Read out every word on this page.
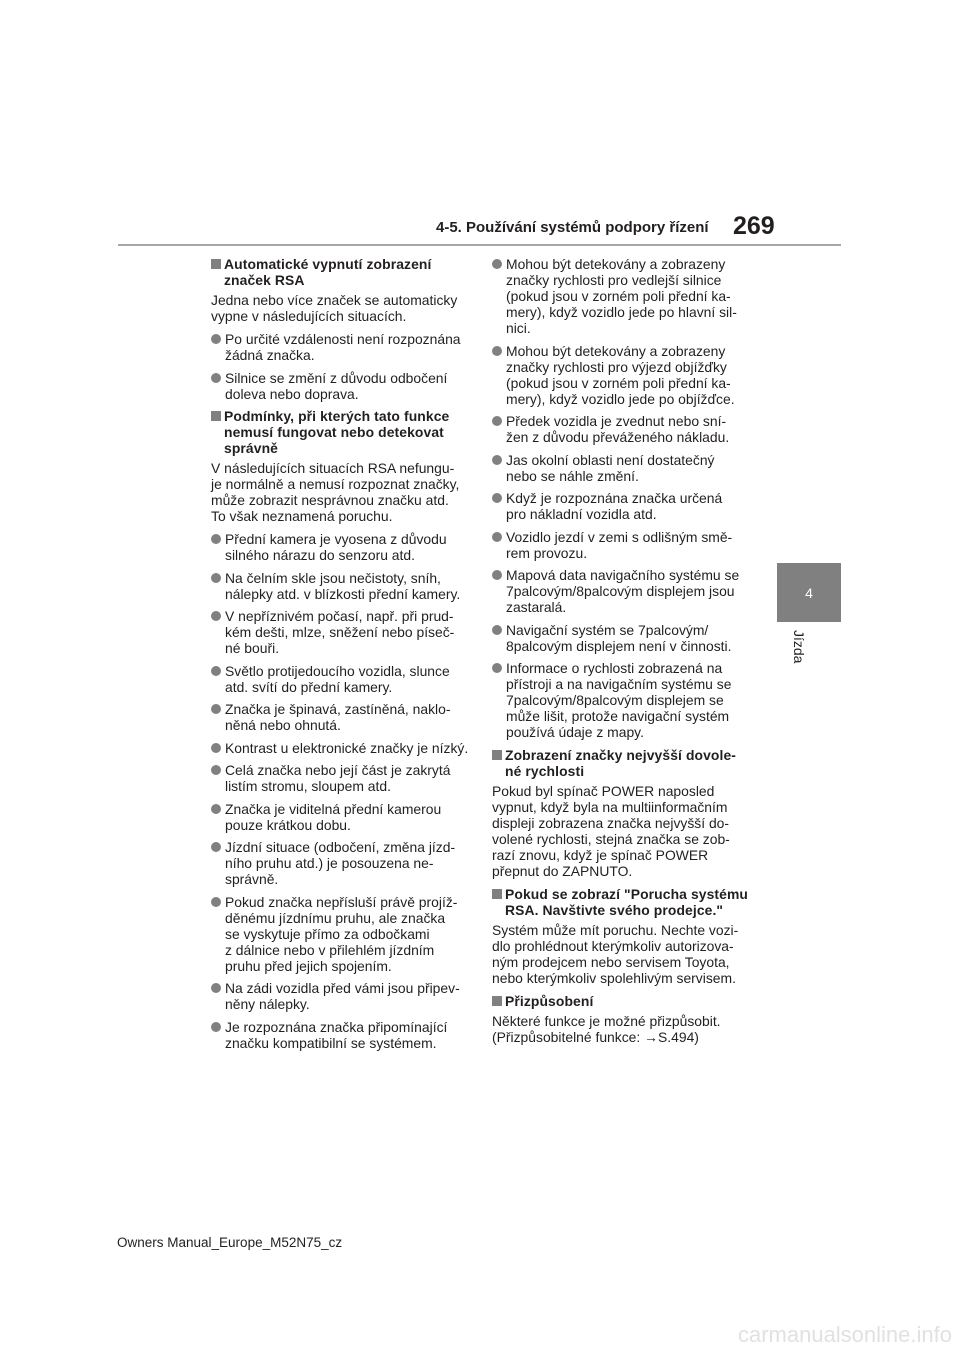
4-5. Používání systémů podpory řízení 269
4
Jízda
Automatické vypnutí zobrazení
značek RSA
Jedna nebo více značek se automaticky
vypne v následujících situacích.
Po určité vzdálenosti není rozpoznána
žádná značka.
Silnice se změní z důvodu odbočení
doleva nebo doprava.
Podmínky, při kterých tato funkce
nemusí fungovat nebo detekovat
správně
V následujících situacích RSA nefungu-
je normálně a nemusí rozpoznat značky,
může zobrazit nesprávnou značku atd.
To však neznamená poruchu.
Přední kamera je vyosena z důvodu
silného nárazu do senzoru atd.
Na čelním skle jsou nečistoty, sníh,
nálepky atd. v blízkosti přední kamery.
V nepříznivém počasí, např. při prud-
kém dešti, mlze, sněžení nebo píseč-
né bouři.
Světlo protijedoucího vozidla, slunce
atd. svítí do přední kamery.
Značka je špinavá, zastíněná, naklo-
něná nebo ohnutá.
Kontrast u elektronické značky je nízký.
Celá značka nebo její část je zakrytá
listím stromu, sloupem atd.
Značka je viditelná přední kamerou
pouze krátkou dobu.
Jízdní situace (odbočení, změna jízd-
ního pruhu atd.) je posouzena ne-
správně.
Pokud značka nepřísluší právě projíž-
děnému jízdnímu pruhu, ale značka
se vyskytuje přímo za odbočkami
z dálnice nebo v přilehlém jízdním
pruhu před jejich spojením.
Na zádi vozidla před vámi jsou připev-
něny nálepky.
Je rozpoznána značka připomínající
značku kompatibilní se systémem.
Mohou být detekovány a zobrazeny
značky rychlosti pro vedlejší silnice
(pokud jsou v zorném poli přední ka-
mery), když vozidlo jede po hlavní sil-
nici.
Mohou být detekovány a zobrazeny
značky rychlosti pro výjezd objížďky
(pokud jsou v zorném poli přední ka-
mery), když vozidlo jede po objížďce.
Předek vozidla je zvednut nebo sní-
žen z důvodu převáženého nákladu.
Jas okolní oblasti není dostatečný
nebo se náhle změní.
Když je rozpoznána značka určená
pro nákladní vozidla atd.
Vozidlo jezdí v zemi s odlišným smě-
rem provozu.
Mapová data navigačního systému se
7palcovým/8palcovým displejem jsou
zastaralá.
Navigační systém se 7palcovým/
8palcovým displejem není v činnosti.
Informace o rychlosti zobrazená na
přístroji a na navigačním systému se
7palcovým/8palcovým displejem se
může lišit, protože navigační systém
používá údaje z mapy.
Zobrazení značky nejvyšší dovole-
né rychlosti
Pokud byl spínač POWER naposled
vypnut, když byla na multiinformačním
displeji zobrazena značka nejvyšší do-
volené rychlosti, stejná značka se zob-
razí znovu, když je spínač POWER
přepnut do ZAPNUTO.
Pokud se zobrazí "Porucha systému
RSA. Navštivte svého prodejce."
Systém může mít poruchu. Nechte vozi-
dlo prohlédnout kterýmkoliv autorizova-
ným prodejcem nebo servisem Toyota,
nebo kterýmkoliv spolehlivým servisem.
Přizpůsobení
Některé funkce je možné přizpůsobit.
(Přizpůsobitelné funkce: →S.494)
Owners Manual_Europe_M52N75_cz
carmanualsonline.info
